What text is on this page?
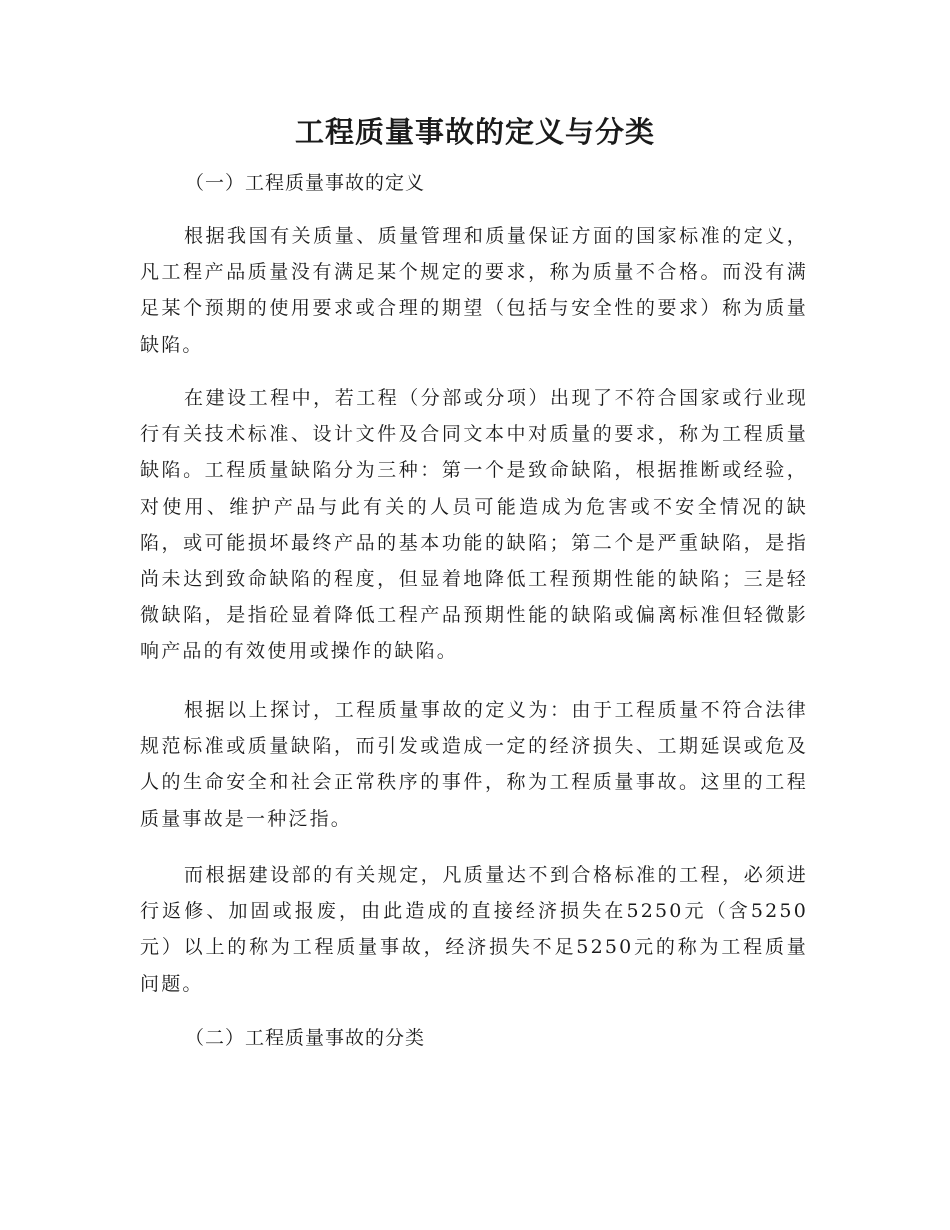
工程质量事故的定义与分类
（一）工程质量事故的定义

根据我国有关质量、质量管理和质量保证方面的国家标准的定义，凡工程产品质量没有满足某个规定的要求，称为质量不合格。而没有满足某个预期的使用要求或合理的期望（包括与安全性的要求）称为质量缺陷。

在建设工程中，若工程（分部或分项）出现了不符合国家或行业现行有关技术标准、设计文件及合同文本中对质量的要求，称为工程质量缺陷。工程质量缺陷分为三种：第一个是致命缺陷，根据推断或经验，对使用、维护产品与此有关的人员可能造成为危害或不安全情况的缺陷，或可能损坏最终产品的基本功能的缺陷；第二个是严重缺陷，是指尚未达到致命缺陷的程度，但显着地降低工程预期性能的缺陷；三是轻微缺陷，是指砼显着降低工程产品预期性能的缺陷或偏离标准但轻微影响产品的有效使用或操作的缺陷。

根据以上探讨，工程质量事故的定义为：由于工程质量不符合法律规范标准或质量缺陷，而引发或造成一定的经济损失、工期延误或危及人的生命安全和社会正常秩序的事件，称为工程质量事故。这里的工程质量事故是一种泛指。

而根据建设部的有关规定，凡质量达不到合格标准的工程，必须进行返修、加固或报废，由此造成的直接经济损失在5250元（含5250元）以上的称为工程质量事故，经济损失不足5250元的称为工程质量问题。

（二）工程质量事故的分类
